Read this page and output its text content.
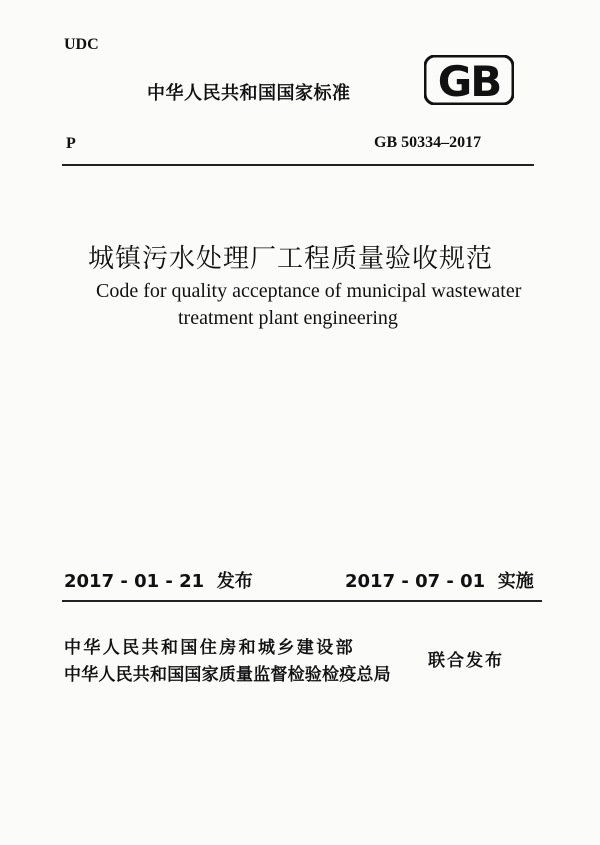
UDC
中华人民共和国国家标准 GB
P	GB 50334–2017
城镇污水处理厂工程质量验收规范
Code for quality acceptance of municipal wastewater
treatment plant engineering
2017 - 01 - 21  发布	2017 - 07 - 01  实施
中华人民共和国住房和城乡建设部
中华人民共和国国家质量监督检验检疫总局
联合发布
